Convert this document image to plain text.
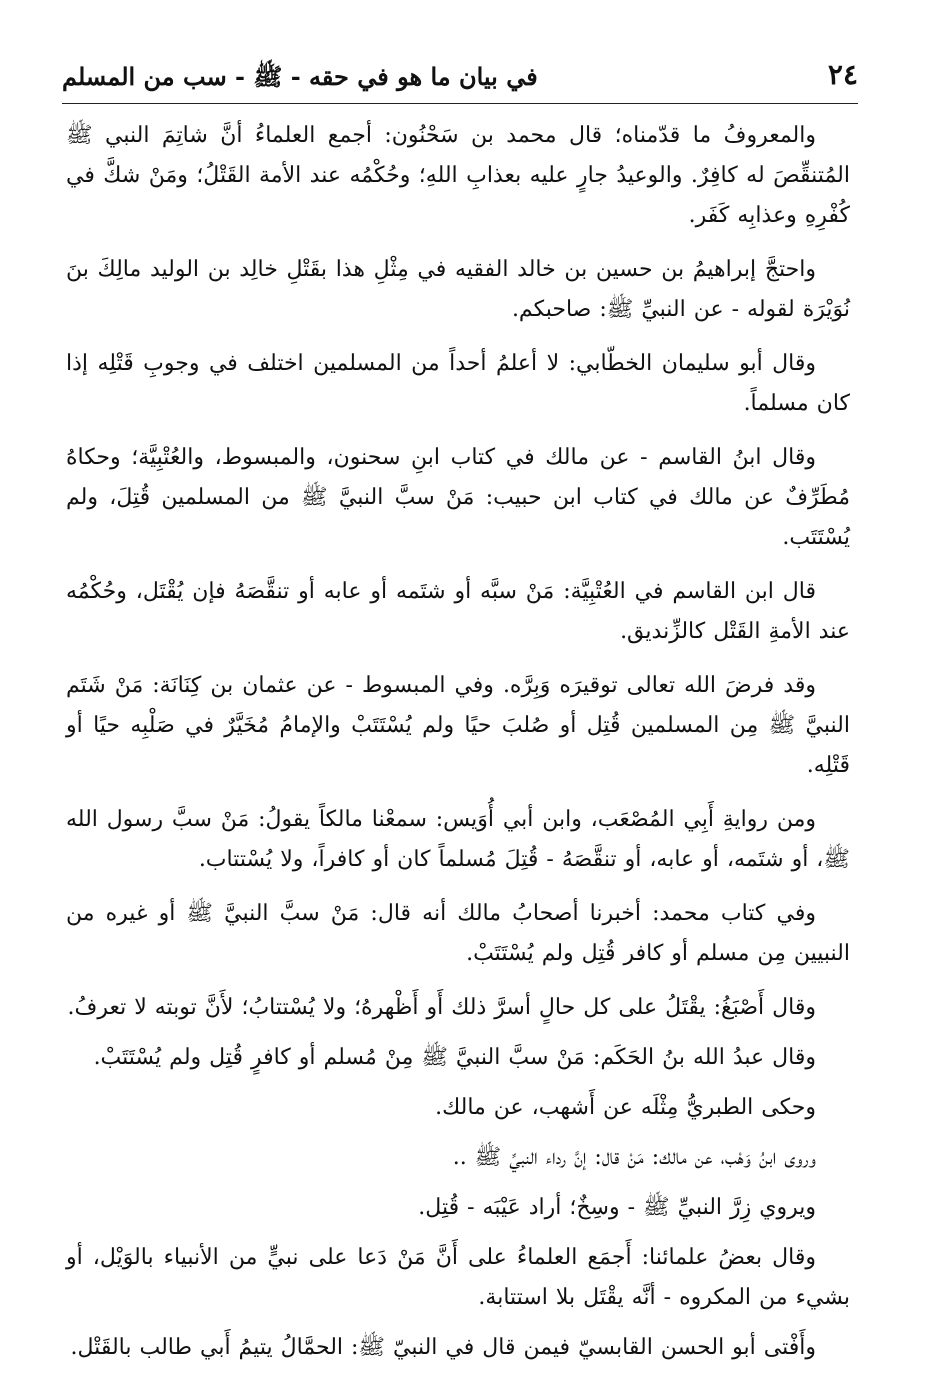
٢٤
في بيان ما هو في حقه - ﷺ - سب من المسلم

والمعروفُ ما قدّمناه؛ قال محمد بن سَحْنُون: أجمع العلماءُ أنَّ شاتِمَ النبي ﷺ المُتنقِّصَ له كافِرٌ. والوعيدُ جارٍ عليه بعذابِ اللهِ؛ وحُكْمُه عند الأمة القَتْلُ؛ ومَنْ شكَّ في كُفْرِهِ وعذابِه كَفَر.

واحتجَّ إبراهيمُ بن حسين بن خالد الفقيه في مِثْلِ هذا بقَتْلِ خالِد بن الوليد مالِكَ بنَ نُوَيْرَة لقوله - عن النبيِّ ﷺ: صاحبكم.

وقال أبو سليمان الخطّابي: لا أعلمُ أحداً من المسلمين اختلف في وجوبِ قَتْلِه إذا كان مسلماً.

وقال ابنُ القاسم - عن مالك في كتاب ابنِ سحنون، والمبسوط، والعُتْبِيَّة؛ وحكاهُ مُطَرِّفٌ عن مالك في كتاب ابن حبيب: مَنْ سبَّ النبيَّ ﷺ من المسلمين قُتِلَ، ولم يُسْتَتَب.

قال ابن القاسم في العُتْبِيَّة: مَنْ سبَّه أو شتَمه أو عابه أو تنقَّصَهُ فإن يُقْتَل، وحُكْمُه عند الأمةِ القَتْل كالزِّنديق.

وقد فرضَ الله تعالى توقيرَه وَبِرَّه. وفي المبسوط - عن عثمان بن كِنَانَة: مَنْ شَتَم النبيَّ ﷺ مِن المسلمين قُتِل أو صُلبَ حيًا ولم يُسْتَتَبْ والإمامُ مُخَيَّرٌ في صَلْبِه حيًا أو قَتْلِه.

ومن روايةِ أَبِي المُصْعَب، وابن أبي أُوَيس: سمعْنا مالكاً يقولُ: مَنْ سبَّ رسول الله ﷺ، أو شتَمه، أو عابه، أو تنقَّصَهُ - قُتِلَ مُسلماً كان أو كافراً، ولا يُسْتتاب.

وفي كتاب محمد: أخبرنا أصحابُ مالك أنه قال: مَنْ سبَّ النبيَّ ﷺ أو غيره من النبيين مِن مسلم أو كافر قُتِل ولم يُسْتَتَبْ.

وقال أَصْبَغُ: يقْتَلُ على كل حالٍ أسرَّ ذلك أَو أَظْهرهُ؛ ولا يُسْتتابُ؛ لأَنَّ توبته لا تعرفُ.

وقال عبدُ الله بنُ الحَكَم: مَنْ سبَّ النبيَّ ﷺ مِنْ مُسلم أو كافرٍ قُتِل ولم يُسْتَتَبْ.

وحكى الطبريُّ مِثْلَه عن أَشهب، عن مالك.

وروى ابنُ وَهْب، عن مالك: مَنْ قال: إنَّ رداء النبيِّ ﷺ ..

ويروي زِرَّ النبيِّ ﷺ - وسِخٌ؛ أراد عَيْبَه - قُتِل.

وقال بعضُ علمائنا: أَجمَع العلماءُ على أَنَّ مَنْ دَعا على نبيٍّ من الأنبياء بالوَيْل، أو بشيء من المكروه - أنَّه يقْتَل بلا استتابة.

وأَفْتى أبو الحسن القابسيّ فيمن قال في النبيّ ﷺ: الحمَّالُ يتيمُ أَبي طالب بالقَتْل.
